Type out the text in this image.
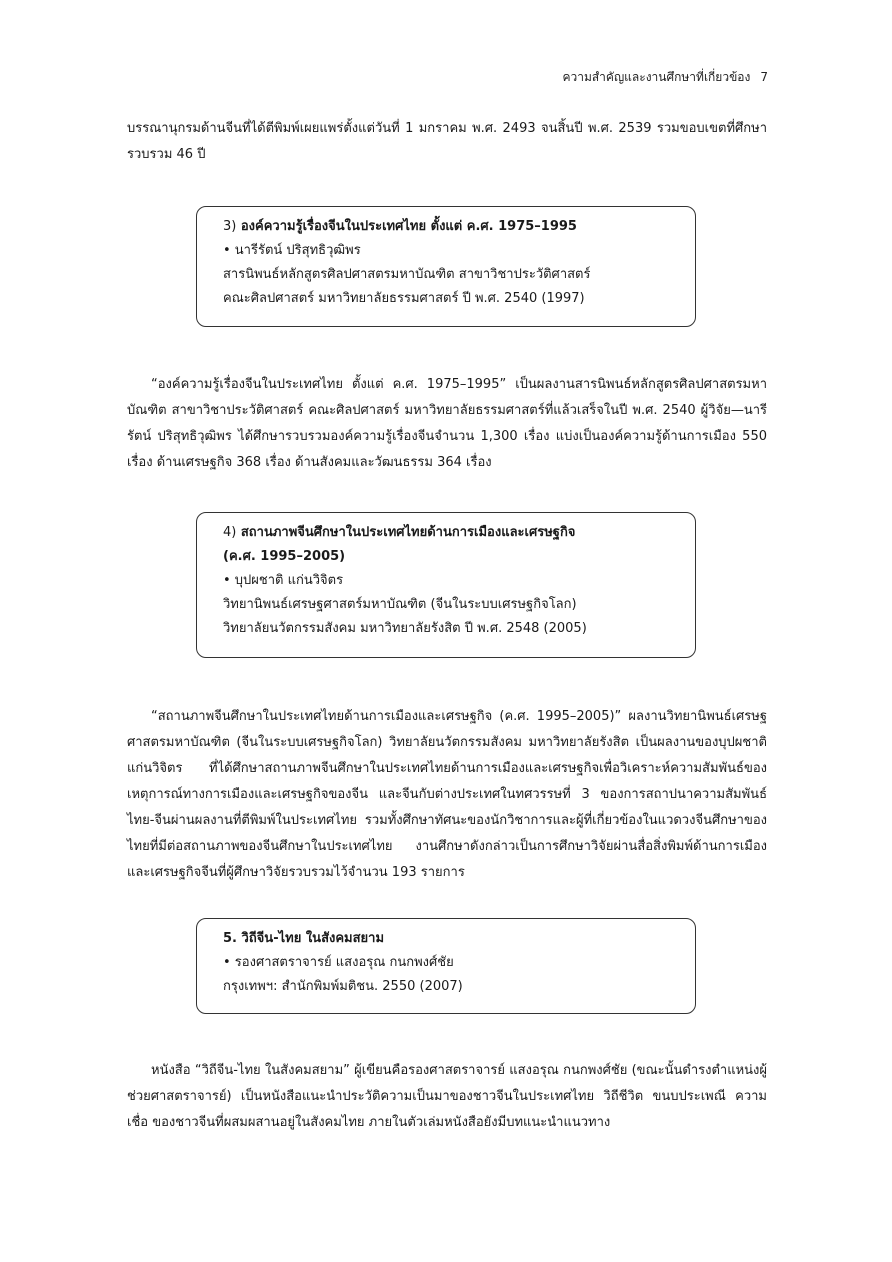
ความสำคัญและงานศึกษาที่เกี่ยวข้อง 7

บรรณานุกรมด้านจีนที่ได้ตีพิมพ์เผยแพร่ตั้งแต่วันที่ 1 มกราคม พ.ศ. 2493 จนสิ้นปี พ.ศ. 2539 รวมขอบเขตที่ศึกษารวบรวม 46 ปี

3) องค์ความรู้เรื่องจีนในประเทศไทย ตั้งแต่ ค.ศ. 1975–1995
• นารีรัตน์ ปริสุทธิวุฒิพร
สารนิพนธ์หลักสูตรศิลปศาสตรมหาบัณฑิต สาขาวิชาประวัติศาสตร์
คณะศิลปศาสตร์ มหาวิทยาลัยธรรมศาสตร์ ปี พ.ศ. 2540 (1997)

“องค์ความรู้เรื่องจีนในประเทศไทย ตั้งแต่ ค.ศ. 1975–1995” เป็นผลงานสารนิพนธ์หลักสูตรศิลปศาสตรมหาบัณฑิต สาขาวิชาประวัติศาสตร์ คณะศิลปศาสตร์ มหาวิทยาลัยธรรมศาสตร์ที่แล้วเสร็จในปี พ.ศ. 2540 ผู้วิจัย—นารีรัตน์ ปริสุทธิวุฒิพร ได้ศึกษารวบรวมองค์ความรู้เรื่องจีนจำนวน 1,300 เรื่อง แบ่งเป็นองค์ความรู้ด้านการเมือง 550 เรื่อง ด้านเศรษฐกิจ 368 เรื่อง ด้านสังคมและวัฒนธรรม 364 เรื่อง

4) สถานภาพจีนศึกษาในประเทศไทยด้านการเมืองและเศรษฐกิจ
(ค.ศ. 1995–2005)
• บุปผชาติ แก่นวิจิตร
วิทยานิพนธ์เศรษฐศาสตร์มหาบัณฑิต (จีนในระบบเศรษฐกิจโลก)
วิทยาลัยนวัตกรรมสังคม มหาวิทยาลัยรังสิต ปี พ.ศ. 2548 (2005)

“สถานภาพจีนศึกษาในประเทศไทยด้านการเมืองและเศรษฐกิจ (ค.ศ. 1995–2005)” ผลงานวิทยานิพนธ์เศรษฐศาสตรมหาบัณฑิต (จีนในระบบเศรษฐกิจโลก) วิทยาลัยนวัตกรรมสังคม มหาวิทยาลัยรังสิต เป็นผลงานของบุปผชาติ แก่นวิจิตร ที่ได้ศึกษาสถานภาพจีนศึกษาในประเทศไทยด้านการเมืองและเศรษฐกิจเพื่อวิเคราะห์ความสัมพันธ์ของเหตุการณ์ทางการเมืองและเศรษฐกิจของจีน และจีนกับต่างประเทศในทศวรรษที่ 3 ของการสถาปนาความสัมพันธ์ไทย-จีนผ่านผลงานที่ตีพิมพ์ในประเทศไทย รวมทั้งศึกษาทัศนะของนักวิชาการและผู้ที่เกี่ยวข้องในแวดวงจีนศึกษาของไทยที่มีต่อสถานภาพของจีนศึกษาในประเทศไทย งานศึกษาดังกล่าวเป็นการศึกษาวิจัยผ่านสื่อสิ่งพิมพ์ด้านการเมืองและเศรษฐกิจจีนที่ผู้ศึกษาวิจัยรวบรวมไว้จำนวน 193 รายการ

5. วิถีจีน-ไทย ในสังคมสยาม
• รองศาสตราจารย์ แสงอรุณ กนกพงศ์ชัย
กรุงเทพฯ: สำนักพิมพ์มติชน. 2550 (2007)

หนังสือ “วิถีจีน-ไทย ในสังคมสยาม” ผู้เขียนคือรองศาสตราจารย์ แสงอรุณ กนกพงศ์ชัย (ขณะนั้นดำรงตำแหน่งผู้ช่วยศาสตราจารย์) เป็นหนังสือแนะนำประวัติความเป็นมาของชาวจีนในประเทศไทย วิถีชีวิต ขนบประเพณี ความเชื่อ ของชาวจีนที่ผสมผสานอยู่ในสังคมไทย ภายในตัวเล่มหนังสือยังมีบทแนะนำแนวทาง
